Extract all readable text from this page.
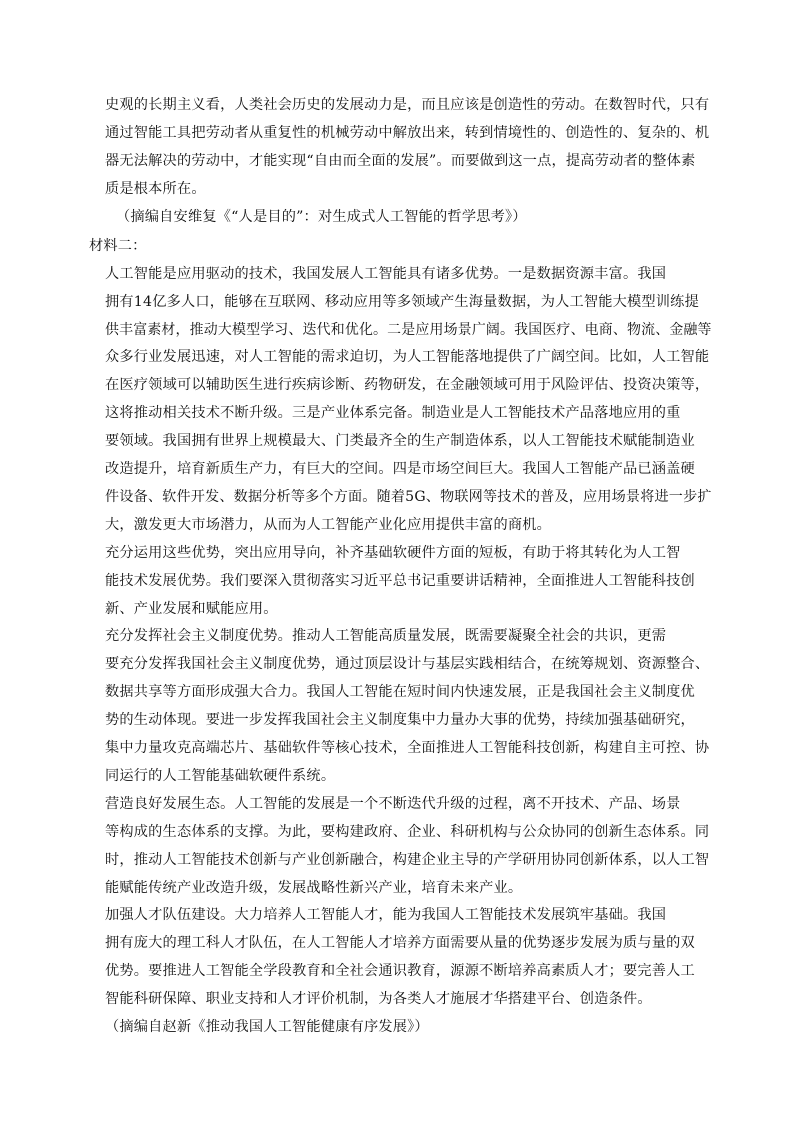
史观的长期主义看，人类社会历史的发展动力是，而且应该是创造性的劳动。在数智时代，只有
通过智能工具把劳动者从重复性的机械劳动中解放出来，转到情境性的、创造性的、复杂的、机
器无法解决的劳动中，才能实现“自由而全面的发展”。而要做到这一点，提高劳动者的整体素
质是根本所在。
（摘编自安维复《“人是目的”：对生成式人工智能的哲学思考》）
材料二：
人工智能是应用驱动的技术，我国发展人工智能具有诸多优势。一是数据资源丰富。我国
拥有14亿多人口，能够在互联网、移动应用等多领域产生海量数据，为人工智能大模型训练提
供丰富素材，推动大模型学习、迭代和优化。二是应用场景广阔。我国医疗、电商、物流、金融等
众多行业发展迅速，对人工智能的需求迫切，为人工智能落地提供了广阔空间。比如，人工智能
在医疗领域可以辅助医生进行疾病诊断、药物研发，在金融领域可用于风险评估、投资决策等，
这将推动相关技术不断升级。三是产业体系完备。制造业是人工智能技术产品落地应用的重
要领域。我国拥有世界上规模最大、门类最齐全的生产制造体系，以人工智能技术赋能制造业
改造提升，培育新质生产力，有巨大的空间。四是市场空间巨大。我国人工智能产品已涵盖硬
件设备、软件开发、数据分析等多个方面。随着5G、物联网等技术的普及，应用场景将进一步扩
大，激发更大市场潜力，从而为人工智能产业化应用提供丰富的商机。
充分运用这些优势，突出应用导向，补齐基础软硬件方面的短板，有助于将其转化为人工智
能技术发展优势。我们要深入贯彻落实习近平总书记重要讲话精神，全面推进人工智能科技创
新、产业发展和赋能应用。
充分发挥社会主义制度优势。推动人工智能高质量发展，既需要凝聚全社会的共识，更需
要充分发挥我国社会主义制度优势，通过顶层设计与基层实践相结合，在统筹规划、资源整合、
数据共享等方面形成强大合力。我国人工智能在短时间内快速发展，正是我国社会主义制度优
势的生动体现。要进一步发挥我国社会主义制度集中力量办大事的优势，持续加强基础研究，
集中力量攻克高端芯片、基础软件等核心技术，全面推进人工智能科技创新，构建自主可控、协
同运行的人工智能基础软硬件系统。
营造良好发展生态。人工智能的发展是一个不断迭代升级的过程，离不开技术、产品、场景
等构成的生态体系的支撑。为此，要构建政府、企业、科研机构与公众协同的创新生态体系。同
时，推动人工智能技术创新与产业创新融合，构建企业主导的产学研用协同创新体系，以人工智
能赋能传统产业改造升级，发展战略性新兴产业，培育未来产业。
加强人才队伍建设。大力培养人工智能人才，能为我国人工智能技术发展筑牢基础。我国
拥有庞大的理工科人才队伍，在人工智能人才培养方面需要从量的优势逐步发展为质与量的双
优势。要推进人工智能全学段教育和全社会通识教育，源源不断培养高素质人才；要完善人工
智能科研保障、职业支持和人才评价机制，为各类人才施展才华搭建平台、创造条件。
（摘编自赵新《推动我国人工智能健康有序发展》）
